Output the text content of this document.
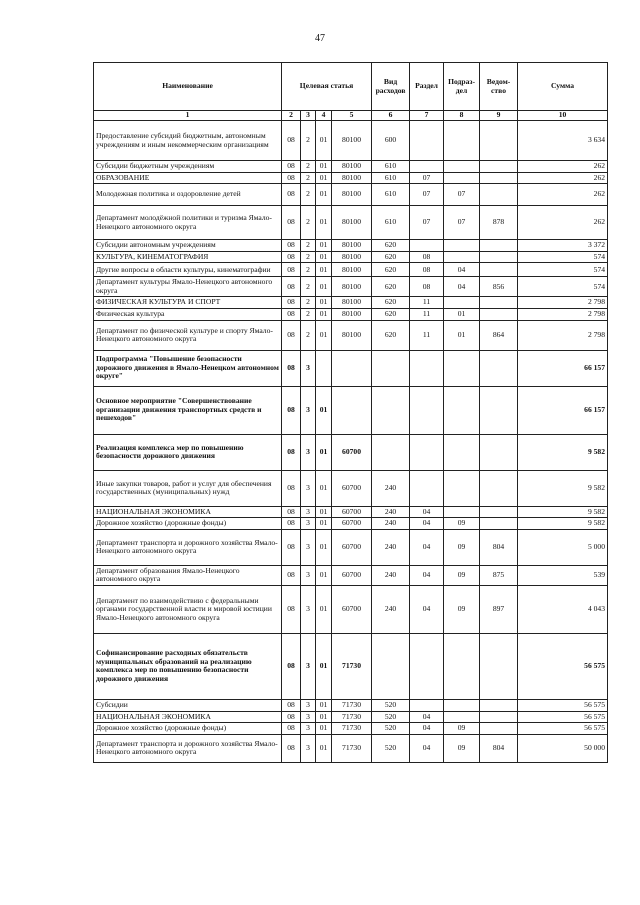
47
Наименование	Целевая статья				Вид расходов	Раздел	Подраз-дел	Ведом-ство	Сумма
1	2	3	4	5	6	7	8	9	10
Предоставление субсидий бюджетным, автономным учреждениям и иным некоммерческим организациям	08	2	01	80100	600				3 634
Субсидии бюджетным учреждениям	08	2	01	80100	610				262
ОБРАЗОВАНИЕ	08	2	01	80100	610	07			262
Молодежная политика и оздоровление детей	08	2	01	80100	610	07	07		262
Департамент молодёжной политики и туризма Ямало-Ненецкого автономного округа	08	2	01	80100	610	07	07	878	262
Субсидии автономным учреждениям	08	2	01	80100	620				3 372
КУЛЬТУРА, КИНЕМАТОГРАФИЯ	08	2	01	80100	620	08			574
Другие вопросы в области культуры, кинематографии	08	2	01	80100	620	08	04		574
Департамент культуры Ямало-Ненецкого автономного округа	08	2	01	80100	620	08	04	856	574
ФИЗИЧЕСКАЯ КУЛЬТУРА И СПОРТ	08	2	01	80100	620	11			2 798
Физическая культура	08	2	01	80100	620	11	01		2 798
Департамент по физической культуре и спорту Ямало-Ненецкого автономного округа	08	2	01	80100	620	11	01	864	2 798
Подпрограмма "Повышение безопасности дорожного движения в Ямало-Ненецком автономном округе"	08	3							66 157
Основное мероприятие "Совершенствование организации движения транспортных средств и пешеходов"	08	3	01						66 157
Реализация комплекса мер по повышению безопасности дорожного движения	08	3	01	60700					9 582
Иные закупки товаров, работ и услуг для обеспечения государственных (муниципальных) нужд	08	3	01	60700	240				9 582
НАЦИОНАЛЬНАЯ ЭКОНОМИКА	08	3	01	60700	240	04			9 582
Дорожное хозяйство (дорожные фонды)	08	3	01	60700	240	04	09		9 582
Департамент транспорта и дорожного хозяйства Ямало-Ненецкого автономного округа	08	3	01	60700	240	04	09	804	5 000
Департамент образования Ямало-Ненецкого автономного округа	08	3	01	60700	240	04	09	875	539
Департамент по взаимодействию с федеральными органами государственной власти и мировой юстиции Ямало-Ненецкого автономного округа	08	3	01	60700	240	04	09	897	4 043
Софинансирование расходных обязательств муниципальных образований на реализацию комплекса мер по повышению безопасности дорожного движения	08	3	01	71730					56 575
Субсидии	08	3	01	71730	520				56 575
НАЦИОНАЛЬНАЯ ЭКОНОМИКА	08	3	01	71730	520	04			56 575
Дорожное хозяйство (дорожные фонды)	08	3	01	71730	520	04	09		56 575
Департамент транспорта и дорожного хозяйства Ямало-Ненецкого автономного округа	08	3	01	71730	520	04	09	804	50 000
